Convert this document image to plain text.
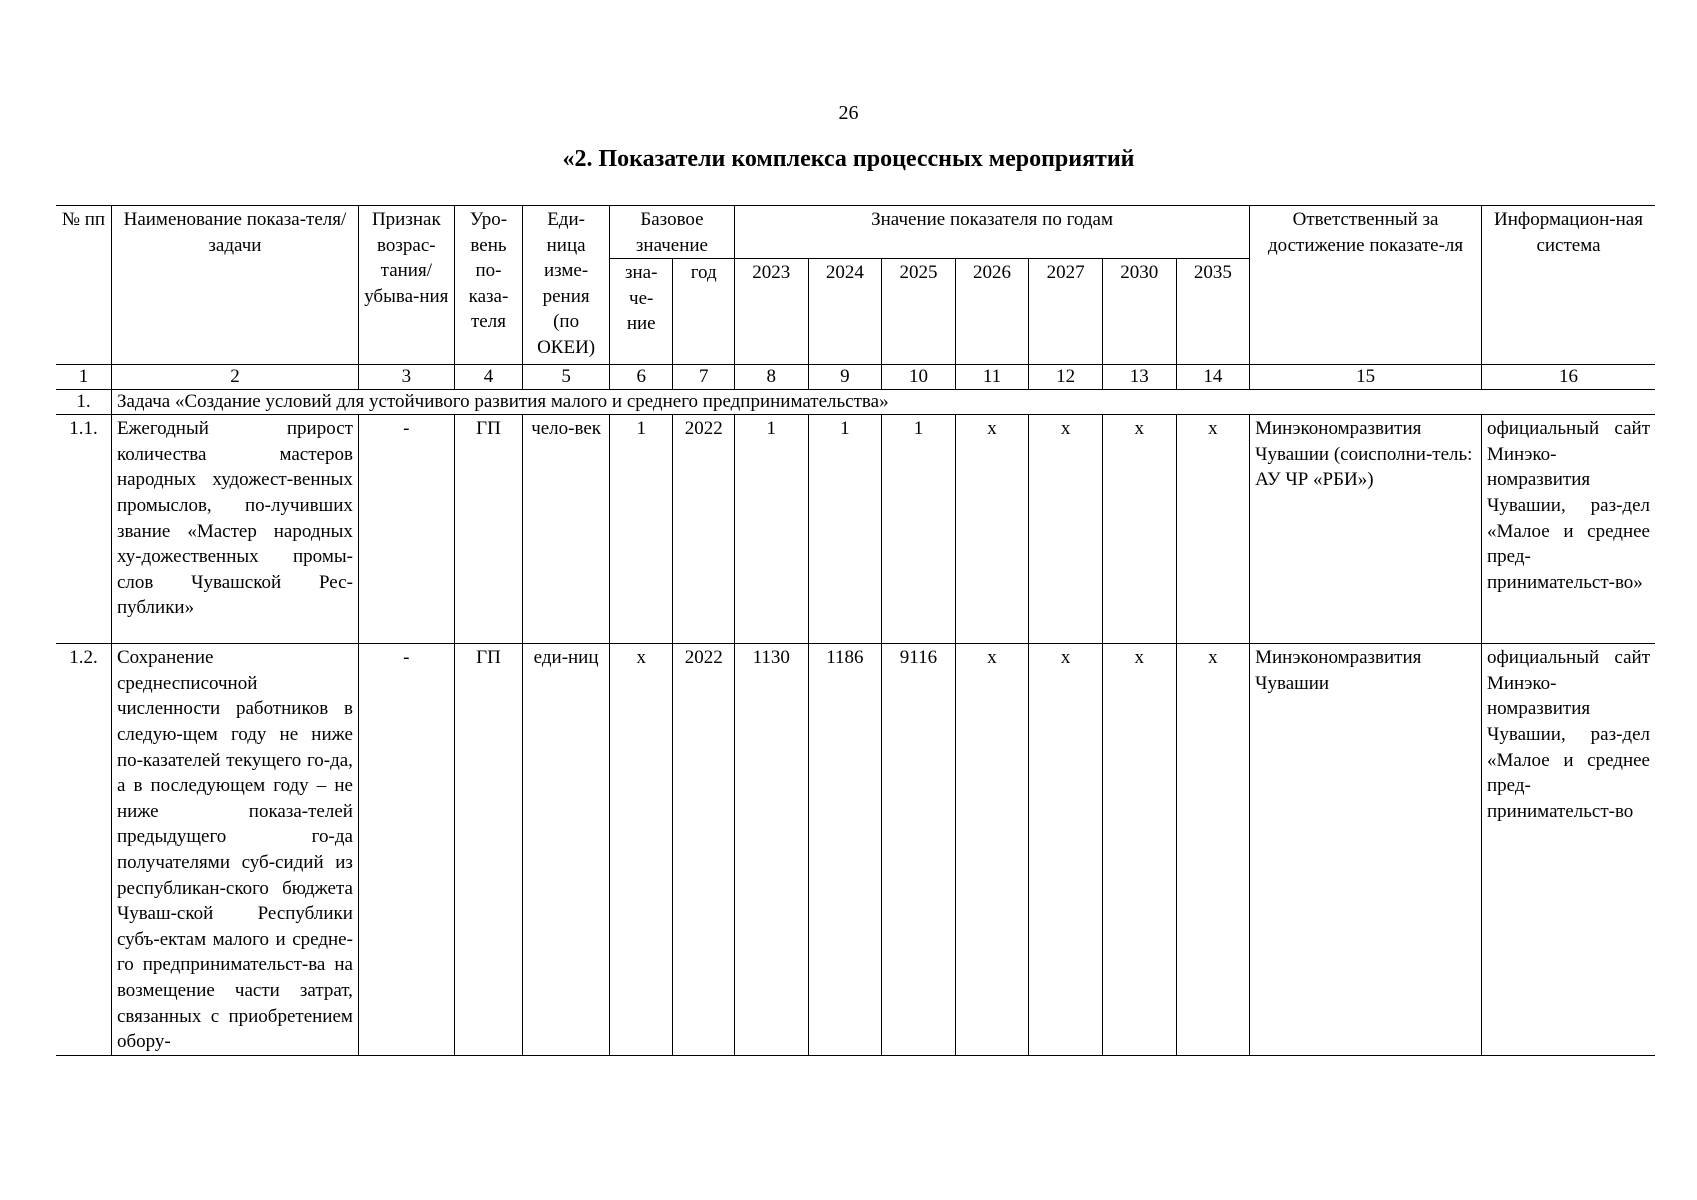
26
«2. Показатели комплекса процессных мероприятий
№ пп	Наименование показа-теля/задачи	Признак возрас-тания/ убыва-ния	Уро-вень по-каза-теля	Еди-ница изме-рения (по ОКЕИ)	Базовое значение		Значение показателя по годам							Ответственный за достижение показате-ля	Информацион-ная система

					зна-че-ние	год	2023	2024	2025	2026	2027	2030	2035		
1	2	3	4	5	6	7	8	9	10	11	12	13	14	15	16
1.	Задача «Создание условий для устойчивого развития малого и среднего предпринимательства»														
1.1.	Ежегодный прирост количества мастеров народных художест-венных промыслов, по-лучивших звание «Мастер народных ху-дожественных промы-слов Чувашской Рес-публики»	-	ГП	чело-век	1	2022	1	1	1	х	х	х	х	Минэкономразвития Чувашии (соисполни-тель: АУ ЧР «РБИ»)	официальный сайт Минэко-номразвития Чувашии, раз-дел «Малое и среднее пред-принимательст-во»
1.2.	Сохранение среднесписочной численности работников в следую-щем году не ниже по-казателей текущего го-да, а в последующем году – не ниже показа-телей предыдущего го-да получателями суб-сидий из республикан-ского бюджета Чуваш-ской Республики субъ-ектам малого и средне-го предпринимательст-ва на возмещение части затрат, связанных с приобретением обору-	-	ГП	еди-ниц	х	2022	1130	1186	9116	х	х	х	х	Минэкономразвития Чувашии	официальный сайт Минэко-номразвития Чувашии, раз-дел «Малое и среднее пред-принимательст-во
